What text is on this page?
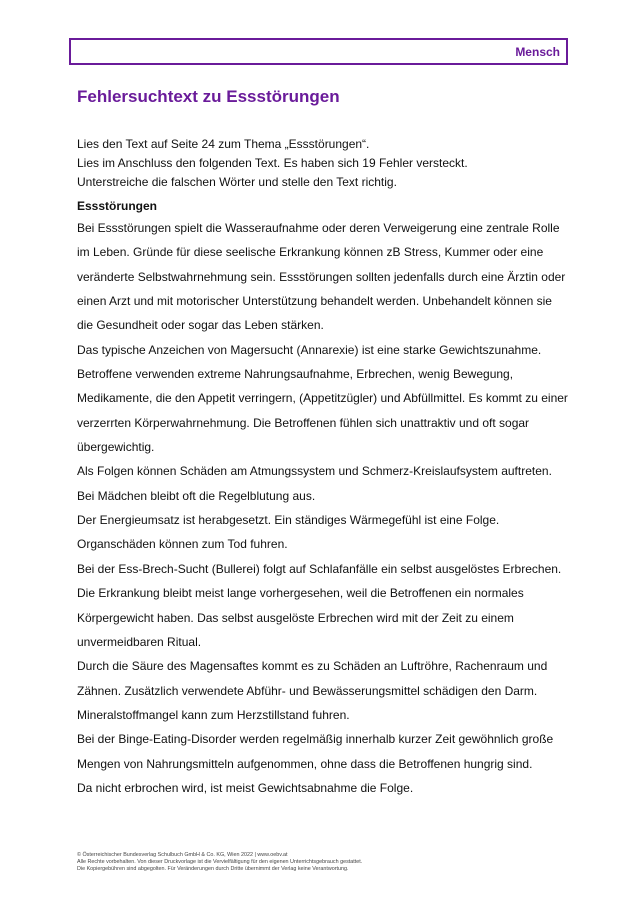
Mensch
Fehlersuchtext zu Essstörungen
Lies den Text auf Seite 24 zum Thema „Essstörungen“.
Lies im Anschluss den folgenden Text. Es haben sich 19 Fehler versteckt.
Unterstreiche die falschen Wörter und stelle den Text richtig.
Essstörungen
Bei Essstörungen spielt die Wasseraufnahme oder deren Verweigerung eine zentrale Rolle
im Leben. Gründe für diese seelische Erkrankung können zB Stress, Kummer oder eine
veränderte Selbstwahrnehmung sein. Essstörungen sollten jedenfalls durch eine Ärztin oder
einen Arzt und mit motorischer Unterstützung behandelt werden. Unbehandelt können sie
die Gesundheit oder sogar das Leben stärken.
Das typische Anzeichen von Magersucht (Annarexie) ist eine starke Gewichtszunahme.
Betroffene verwenden extreme Nahrungsaufnahme, Erbrechen, wenig Bewegung,
Medikamente, die den Appetit verringern, (Appetitzügler) und Abfüllmittel. Es kommt zu einer
verzerrten Körperwahrnehmung. Die Betroffenen fühlen sich unattraktiv und oft sogar
übergewichtig.
Als Folgen können Schäden am Atmungssystem und Schmerz-Kreislaufsystem auftreten.
Bei Mädchen bleibt oft die Regelblutung aus.
Der Energieumsatz ist herabgesetzt. Ein ständiges Wärmegefühl ist eine Folge.
Organschäden können zum Tod fuhren.
Bei der Ess-Brech-Sucht (Bullerei) folgt auf Schlafanfälle ein selbst ausgelöstes Erbrechen.
Die Erkrankung bleibt meist lange vorhergesehen, weil die Betroffenen ein normales
Körpergewicht haben. Das selbst ausgelöste Erbrechen wird mit der Zeit zu einem
unvermeidbaren Ritual.
Durch die Säure des Magensaftes kommt es zu Schäden an Luftröhre, Rachenraum und
Zähnen. Zusätzlich verwendete Abführ- und Bewässerungsmittel schädigen den Darm.
Mineralstoffmangel kann zum Herzstillstand fuhren.
Bei der Binge-Eating-Disorder werden regelmäßig innerhalb kurzer Zeit gewöhnlich große
Mengen von Nahrungsmitteln aufgenommen, ohne dass die Betroffenen hungrig sind.
Da nicht erbrochen wird, ist meist Gewichtsabnahme die Folge.
© Österreichischer Bundesverlag Schulbuch GmbH & Co. KG, Wien 2022 | www.oebv.at
Alle Rechte vorbehalten. Von dieser Druckvorlage ist die Vervielfältigung für den eigenen Unterrichtsgebrauch gestattet.
Die Kopiergebühren sind abgegolten. Für Veränderungen durch Dritte übernimmt der Verlag keine Verantwortung.
